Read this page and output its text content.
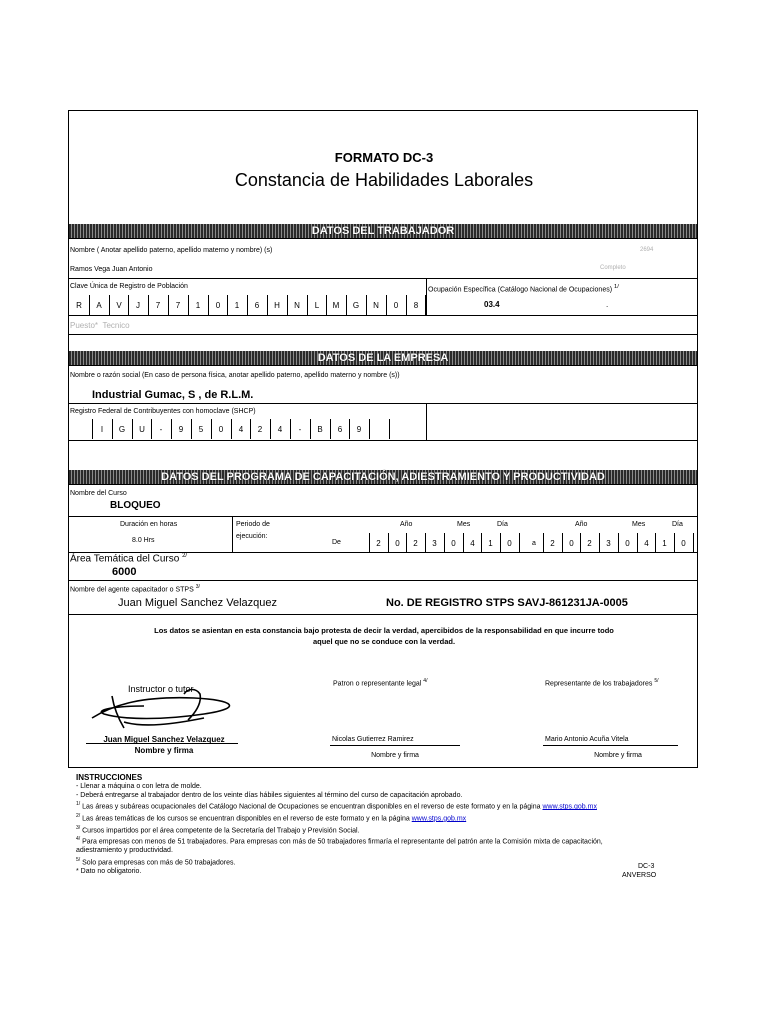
FORMATO DC-3
Constancia de Habilidades Laborales
DATOS DEL TRABAJADOR
Nombre ( Anotar apellido paterno, apellido materno y nombre) (s)	2694
Ramos Vega Juan Antonio	Completo
Clave Única de Registro de Población	Ocupación Específica (Catálogo Nacional de Ocupaciones) $^{1/}$
R	A	V	J	7	7	1	0	1	6	H	N	L	M	G	N	0	8	03.4	.
Puesto* Tecnico
DATOS DE LA EMPRESA
Nombre o razón social (En caso de persona física, anotar apellido paterno, apellido materno y nombre (s))
Industrial Gumac, S , de R.L.M.
Registro Federal de Contribuyentes con homoclave (SHCP)
I	G	U	-	9	5	0	4	2	4	-	B	6	9
DATOS DEL PROGRAMA DE CAPACITACIÓN, ADIESTRAMIENTO Y PRODUCTIVIDAD
Nombre del Curso
BLOQUEO
Duración en horas
8.0 Hrs
Periodo de
ejecución:
De	a
Año	Mes	Día	Año	Mes	Día
2	0	2	3	0	4	1	0	2	0	2	3	0	4	1	0
Área Temática del Curso $^{2/}$
6000
Nombre del agente capacitador o STPS $^{3/}$
Juan Miguel Sanchez Velazquez	No. DE REGISTRO STPS SAVJ-861231JA-0005
Los datos se asientan en esta constancia bajo protesta de decir la verdad, apercibidos de la responsabilidad en que incurre todo
aquel que no se conduce con la verdad.
Instructor o tutor
Juan Miguel Sanchez Velazquez
Nombre y firma
Patron o representante legal $^{4/}$
Nicolas Gutierrez Ramirez
Nombre y firma
Representante de los trabajadores $^{5/}$
Mario Antonio Acuña Vitela
Nombre y firma
INSTRUCCIONES
- Llenar a máquina o con letra de molde.
- Deberá entregarse al trabajador dentro de los veinte días hábiles siguientes al término del curso de capacitación aprobado.
$^{1/}$ Las áreas y subáreas ocupacionales del Catálogo Nacional de Ocupaciones se encuentran disponibles en el reverso de este formato y en la página www.stps.gob.mx
$^{2/}$ Las áreas temáticas de los cursos se encuentran disponibles en el reverso de este formato y en la página www.stps.gob.mx
$^{3/}$ Cursos impartidos por el área competente de la Secretaría del Trabajo y Previsión Social.
$^{4/}$ Para empresas con menos de 51 trabajadores. Para empresas con más de 50 trabajadores firmaría el representante del patrón ante la Comisión mixta de capacitación,
adiestramiento y productividad.
$^{5/}$ Solo para empresas con más de 50 trabajadores.
* Dato no obligatorio.
DC-3
ANVERSO
